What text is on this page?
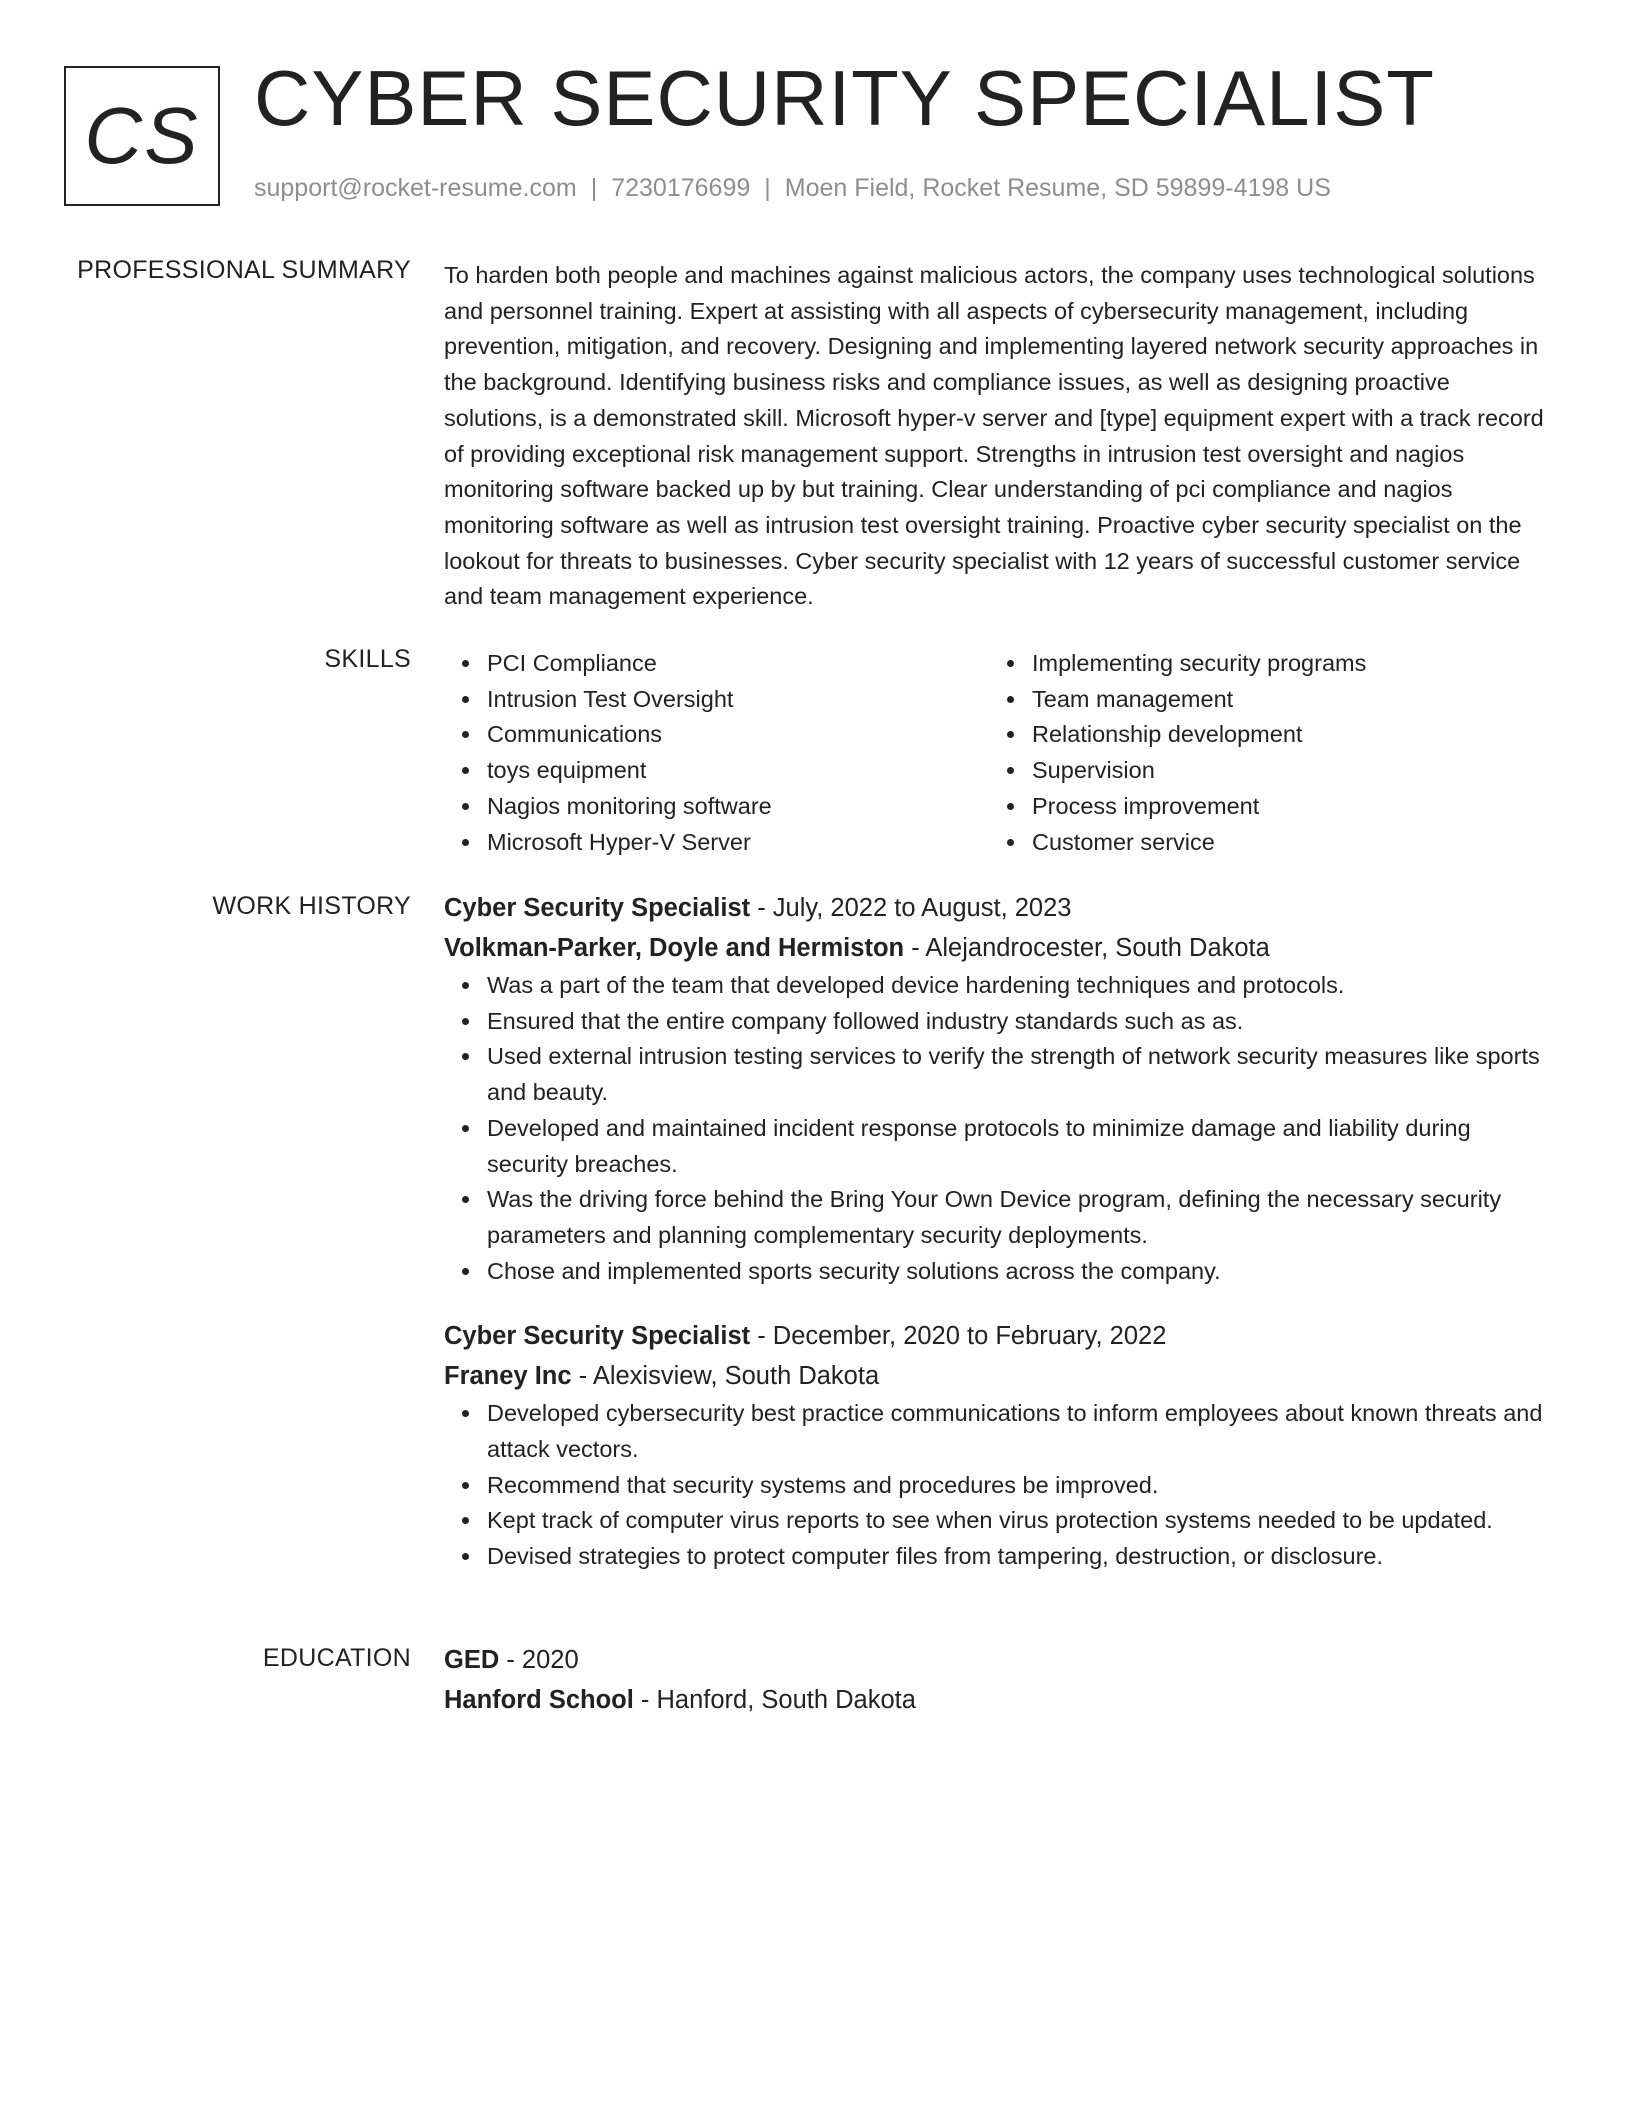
CS CYBER SECURITY SPECIALIST
support@rocket-resume.com | 7230176699 | Moen Field, Rocket Resume, SD 59899-4198 US
PROFESSIONAL SUMMARY To harden both people and machines against malicious actors, the company uses technological solutions and personnel training. Expert at assisting with all aspects of cybersecurity management, including prevention, mitigation, and recovery. Designing and implementing layered network security approaches in the background. Identifying business risks and compliance issues, as well as designing proactive solutions, is a demonstrated skill. Microsoft hyper-v server and [type] equipment expert with a track record of providing exceptional risk management support. Strengths in intrusion test oversight and nagios monitoring software backed up by but training. Clear understanding of pci compliance and nagios monitoring software as well as intrusion test oversight training. Proactive cyber security specialist on the lookout for threats to businesses. Cyber security specialist with 12 years of successful customer service and team management experience.

SKILLS	PCI Compliance
Intrusion Test Oversight
Communications
toys equipment
Nagios monitoring software
Microsoft Hyper-V Server
Implementing security programs
Team management
Relationship development
Supervision
Process improvement
Customer service
WORK HISTORY Cyber Security Specialist - July, 2022 to August, 2023
Volkman-Parker, Doyle and Hermiston - Alejandrocester, South Dakota
Was a part of the team that developed device hardening techniques and protocols.
Ensured that the entire company followed industry standards such as as.
Used external intrusion testing services to verify the strength of network security measures like sports and beauty.
Developed and maintained incident response protocols to minimize damage and liability during security breaches.
Was the driving force behind the Bring Your Own Device program, defining the necessary security parameters and planning complementary security deployments.
Chose and implemented sports security solutions across the company.
Cyber Security Specialist - December, 2020 to February, 2022
Franey Inc - Alexisview, South Dakota
Developed cybersecurity best practice communications to inform employees about known threats and attack vectors.
Recommend that security systems and procedures be improved.
Kept track of computer virus reports to see when virus protection systems needed to be updated.
Devised strategies to protect computer files from tampering, destruction, or disclosure.
EDUCATION GED - 2020
Hanford School - Hanford, South Dakota
